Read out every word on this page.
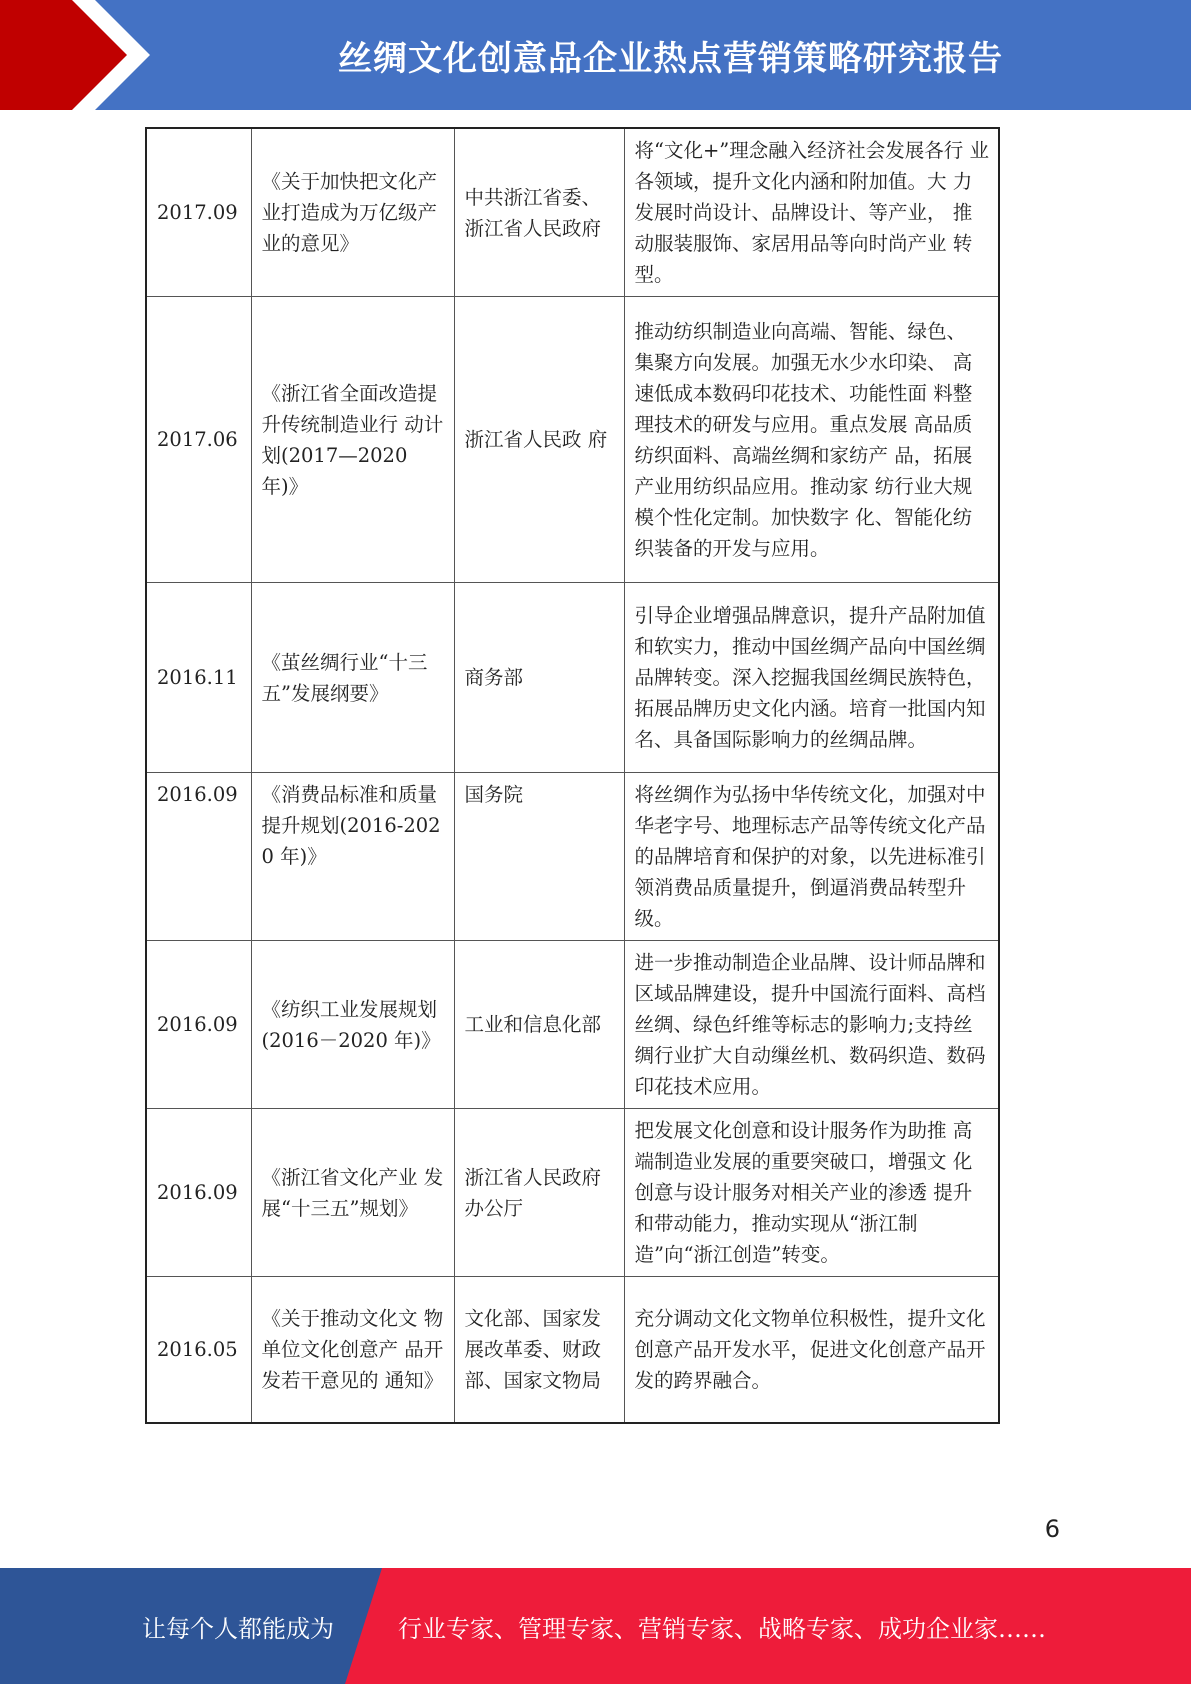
丝绸文化创意品企业热点营销策略研究报告
2017.09	《关于加快把文化产业打造成为万亿级产业的意见》	中共浙江省委、浙江省人民政府	将“文化+”理念融入经济社会发展各行 业各领域，提升文化内涵和附加值。大 力发展时尚设计、品牌设计、等产业， 推动服装服饰、家居用品等向时尚产业 转型。
2017.06	《浙江省全面改造提升传统制造业行 动计划(2017—2020 年)》	浙江省人民政 府	推动纺织制造业向高端、智能、绿色、 集聚方向发展。加强无水少水印染、 高速低成本数码印花技术、功能性面 料整理技术的研发与应用。重点发展 高品质纺织面料、高端丝绸和家纺产 品，拓展产业用纺织品应用。推动家 纺行业大规模个性化定制。加快数字 化、智能化纺织装备的开发与应用。
2016.11	《茧丝绸行业“十三五”发展纲要》	商务部	引导企业增强品牌意识，提升产品附加值和软实力，推动中国丝绸产品向中国丝绸品牌转变。深入挖掘我国丝绸民族特色，拓展品牌历史文化内涵。培育一批国内知名、具备国际影响力的丝绸品牌。
2016.09	《消费品标准和质量提升规划(2016-2020 年)》	国务院	将丝绸作为弘扬中华传统文化，加强对中华老字号、地理标志产品等传统文化产品的品牌培育和保护的对象，以先进标准引领消费品质量提升，倒逼消费品转型升级。
2016.09	《纺织工业发展规划(2016－2020 年)》	工业和信息化部	进一步推动制造企业品牌、设计师品牌和区域品牌建设，提升中国流行面料、高档丝绸、绿色纤维等标志的影响力;支持丝绸行业扩大自动缫丝机、数码织造、数码印花技术应用。
2016.09	《浙江省文化产业 发展“十三五”规划》	浙江省人民政府 办公厅	把发展文化创意和设计服务作为助推 高端制造业发展的重要突破口，增强文 化创意与设计服务对相关产业的渗透 提升和带动能力，推动实现从“浙江制 造”向“浙江创造”转变。
2016.05	《关于推动文化文 物单位文化创意产 品开发若干意见的 通知》	文化部、国家发 展改革委、财政 部、国家文物局	充分调动文化文物单位积极性，提升文化创意产品开发水平，促进文化创意产品开发的跨界融合。
6
让每个人都能成为	行业专家、管理专家、营销专家、战略专家、成功企业家……
